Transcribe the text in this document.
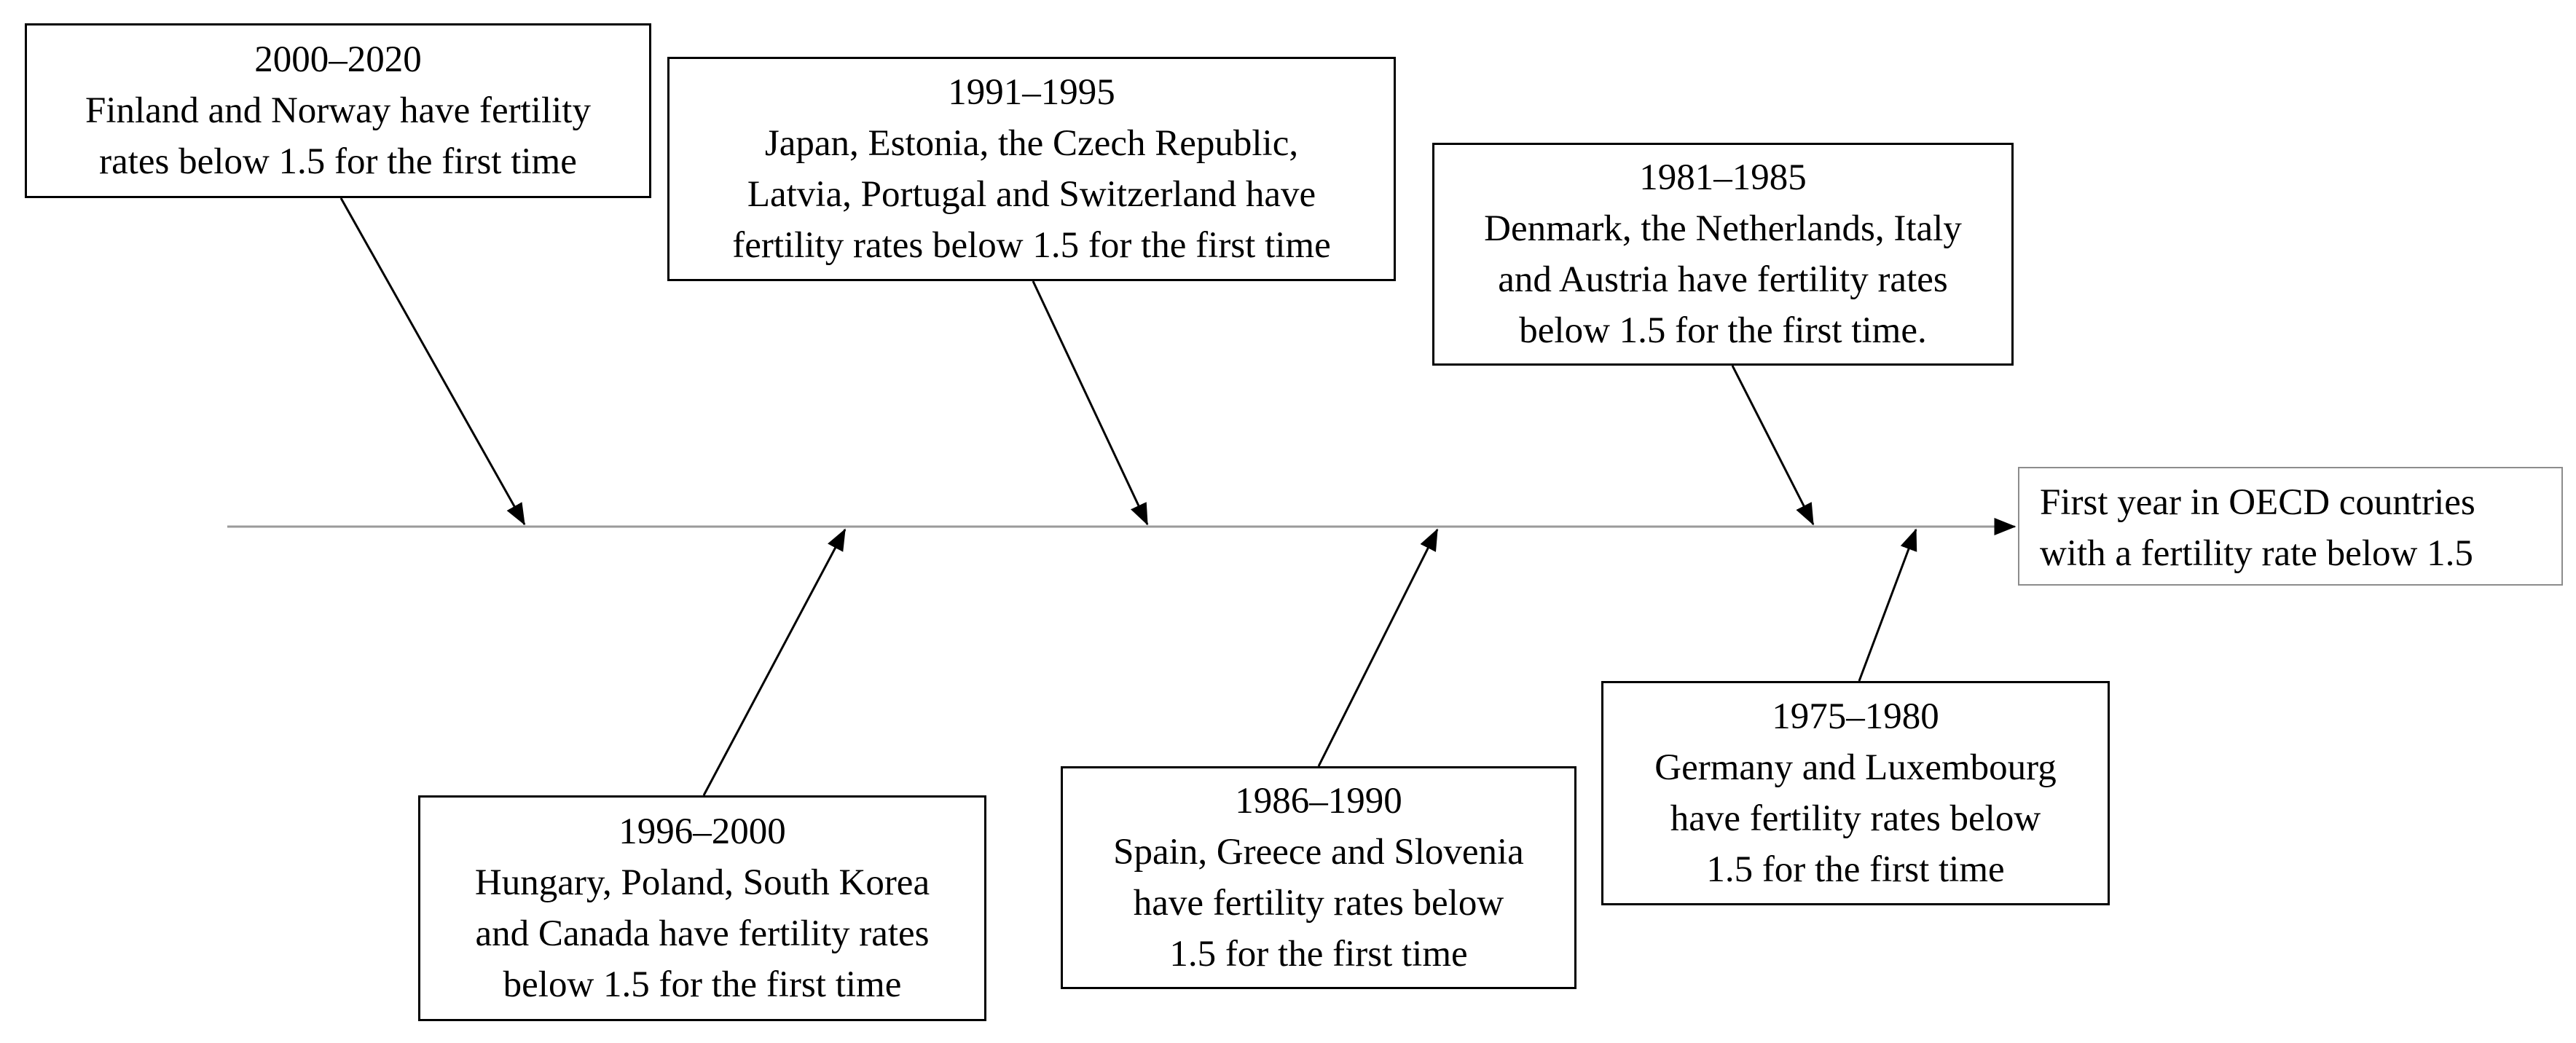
First year in OECD countries
with a fertility rate below 1.5
2000–2020
Finland and Norway have fertility
rates below 1.5 for the first time
1991–1995
Japan, Estonia, the Czech Republic,
Latvia, Portugal and Switzerland have
fertility rates below 1.5 for the first time
1981–1985
Denmark, the Netherlands, Italy
and Austria have fertility rates
below 1.5 for the first time.
1996–2000
Hungary, Poland, South Korea
and Canada have fertility rates
below 1.5 for the first time
1986–1990
Spain, Greece and Slovenia
have fertility rates below
1.5 for the first time
1975–1980
Germany and Luxembourg
have fertility rates below
1.5 for the first time
